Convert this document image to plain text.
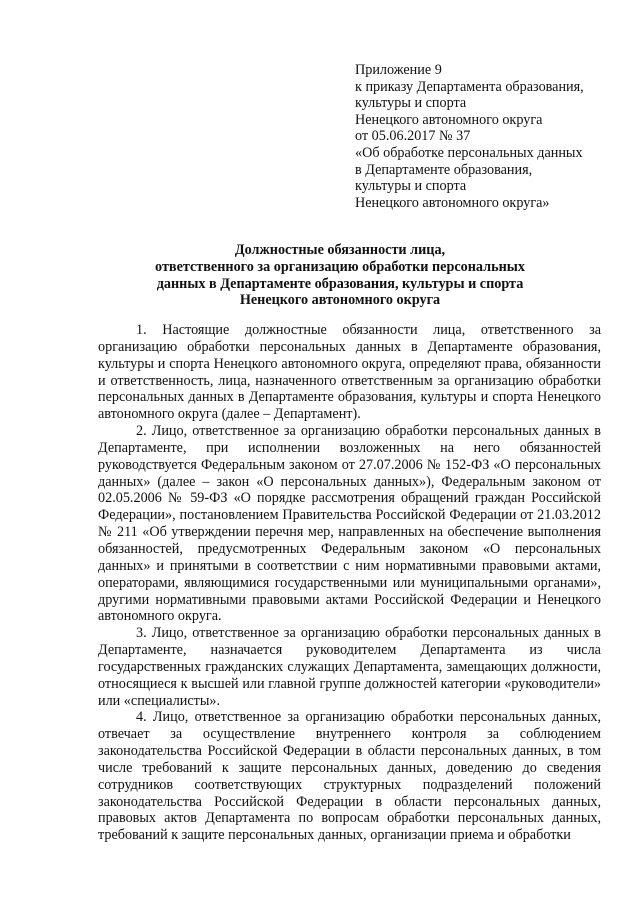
Приложение 9
к приказу Департамента образования,
культуры и спорта
Ненецкого автономного округа
от 05.06.2017 № 37
«Об обработке персональных данных
в Департаменте образования,
культуры и спорта
Ненецкого автономного округа»
Должностные обязанности лица,
ответственного за организацию обработки персональных
данных в Департаменте образования, культуры и спорта
Ненецкого автономного округа

1. Настоящие должностные обязанности лица, ответственного за организацию обработки персональных данных в Департаменте образования, культуры и спорта Ненецкого автономного округа, определяют права, обязанности и ответственность, лица, назначенного ответственным за организацию обработки персональных данных в Департаменте образования, культуры и спорта Ненецкого автономного округа (далее – Департамент).

2. Лицо, ответственное за организацию обработки персональных данных в Департаменте, при исполнении возложенных на него обязанностей руководствуется Федеральным законом от 27.07.2006 № 152-ФЗ «О персональных данных» (далее – закон «О персональных данных»), Федеральным законом от 02.05.2006 № 59-ФЗ «О порядке рассмотрения обращений граждан Российской Федерации», постановлением Правительства Российской Федерации от 21.03.2012 № 211 «Об утверждении перечня мер, направленных на обеспечение выполнения обязанностей, предусмотренных Федеральным законом «О персональных данных» и принятыми в соответствии с ним нормативными правовыми актами, операторами, являющимися государственными или муниципальными органами», другими нормативными правовыми актами Российской Федерации и Ненецкого автономного округа.

3. Лицо, ответственное за организацию обработки персональных данных в Департаменте, назначается руководителем Департамента из числа государственных гражданских служащих Департамента, замещающих должности, относящиеся к высшей или главной группе должностей категории «руководители» или «специалисты».

4. Лицо, ответственное за организацию обработки персональных данных, отвечает за осуществление внутреннего контроля за соблюдением законодательства Российской Федерации в области персональных данных, в том числе требований к защите персональных данных, доведению до сведения сотрудников соответствующих структурных подразделений положений законодательства Российской Федерации в области персональных данных, правовых актов Департамента по вопросам обработки персональных данных, требований к защите персональных данных, организации приема и обработки
